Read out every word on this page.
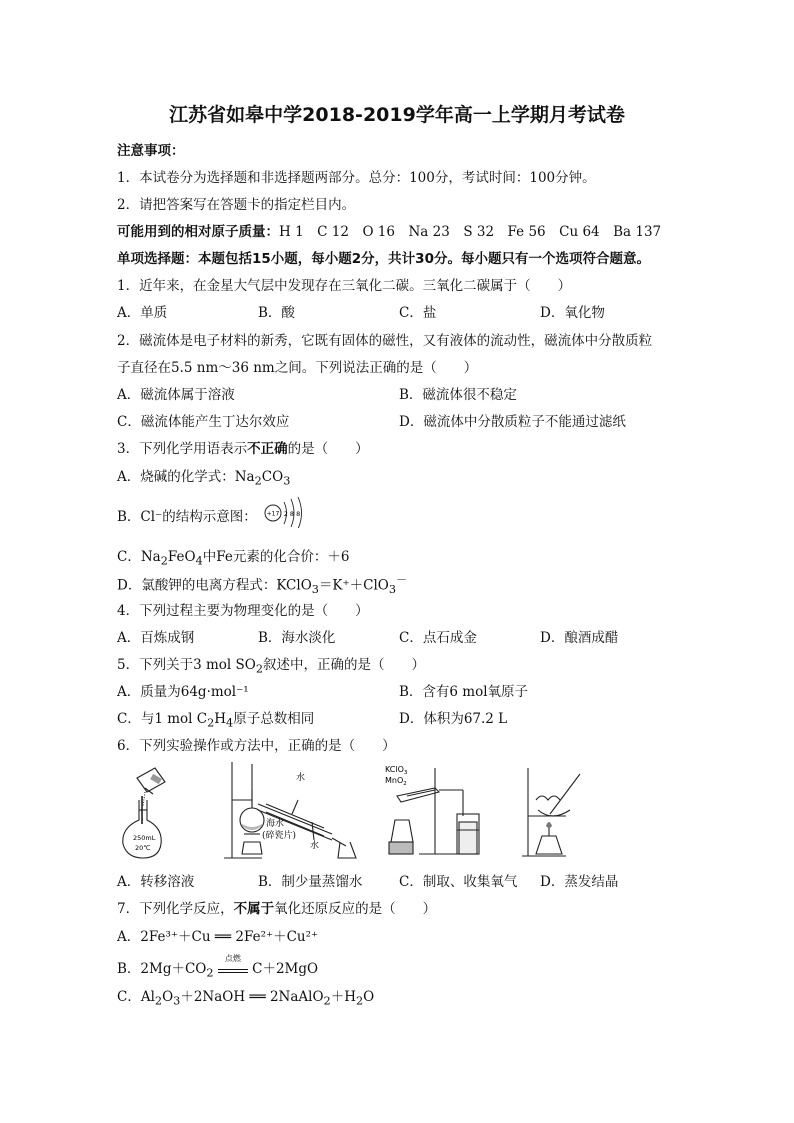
江苏省如皋中学2018-2019学年高一上学期月考试卷
注意事项：
1．本试卷分为选择题和非选择题两部分。总分：100分，考试时间：100分钟。
2．请把答案写在答题卡的指定栏目内。
可能用到的相对原子质量：H 1　C 12　O 16　Na 23　S 32　Fe 56　Cu 64　Ba 137
单项选择题：本题包括15小题，每小题2分，共计30分。每小题只有一个选项符合题意。
1．近年来，在金星大气层中发现存在三氧化二碳。三氧化二碳属于（　　）
A．单质	B．酸	C．盐	D．氧化物
2．磁流体是电子材料的新秀，它既有固体的磁性，又有液体的流动性，磁流体中分散质粒
子直径在5.5 nm～36 nm之间。下列说法正确的是（　　）
A．磁流体属于溶液	B．磁流体很不稳定
C．磁流体能产生丁达尔效应	D．磁流体中分散质粒子不能通过滤纸
3．下列化学用语表示不正确的是（　　）
A．烧碱的化学式：$Na_2CO_3$
B．Cl⁻的结构示意图： +17 2 8 8
C．$Na_2FeO_4$中Fe元素的化合价：＋6
D．氯酸钾的电离方程式：KClO$_3$＝K⁺＋ClO$_3$－
4．下列过程主要为物理变化的是（　　）
A．百炼成钢	B．海水淡化	C．点石成金	D．酿酒成醋
5．下列关于3 mol $SO_2$叙述中，正确的是（　　）
A．质量为64g·mol⁻¹	B．含有6 mol氧原子
C．与1 mol $C_2H_4$原子总数相同	D．体积为67.2 L
6．下列实验操作或方法中，正确的是（　　）
250mL
20℃
水
海水
(碎瓷片)
水
KClO$_3$
MnO$_2$
A．转移溶液	B．制少量蒸馏水	C．制取、收集氧气 D．蒸发结晶
7．下列化学反应，不属于氧化还原反应的是（　　）
A．2Fe³⁺＋Cu ══ 2Fe²⁺＋Cu²⁺
B．$2Mg+CO_2$
点燃
C＋2MgO
C．$Al_2O_3+2NaOH$ ══ $2NaAlO_2+H_2O$
